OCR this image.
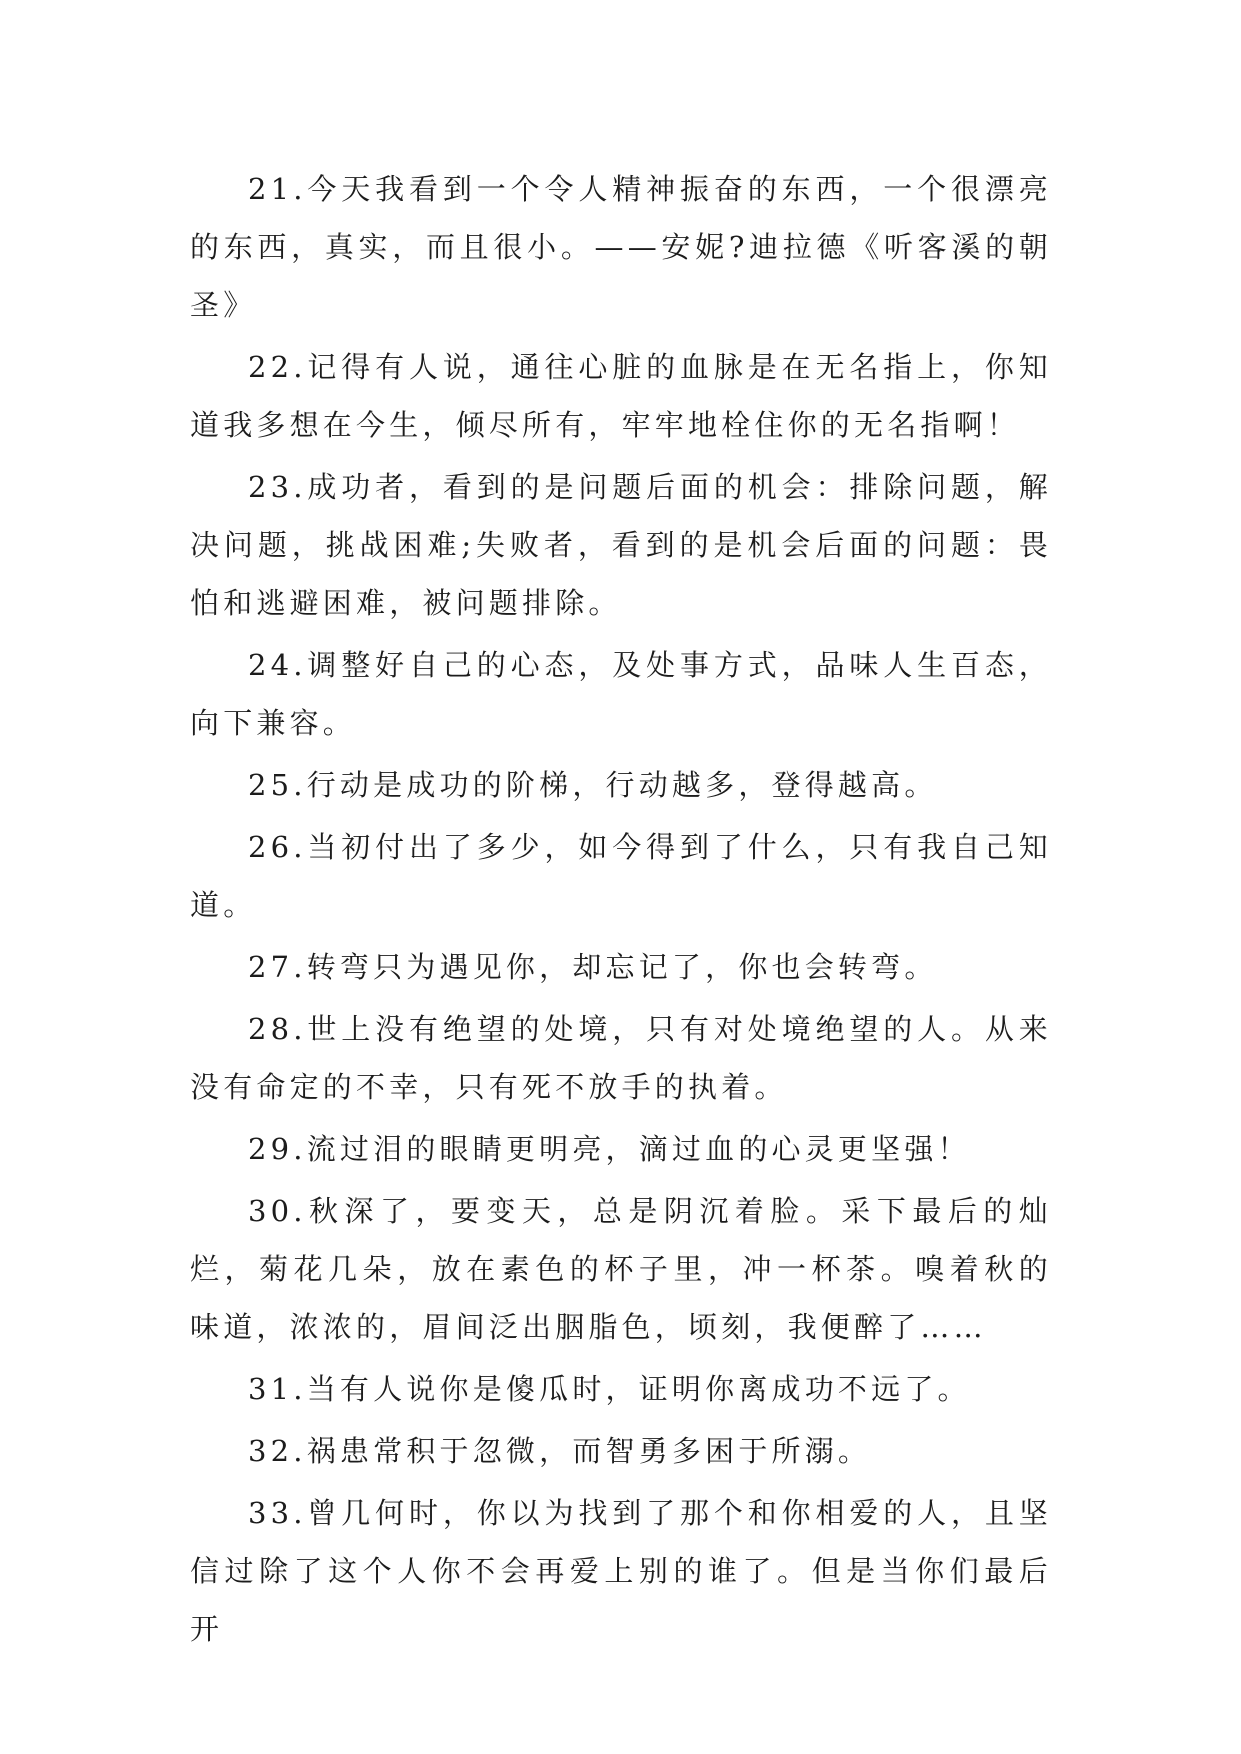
21.今天我看到一个令人精神振奋的东西，一个很漂亮的东西，真实，而且很小。——安妮?迪拉德《听客溪的朝圣》

22.记得有人说，通往心脏的血脉是在无名指上，你知道我多想在今生，倾尽所有，牢牢地栓住你的无名指啊！

23.成功者，看到的是问题后面的机会：排除问题，解决问题，挑战困难;失败者，看到的是机会后面的问题：畏怕和逃避困难，被问题排除。

24.调整好自己的心态，及处事方式，品味人生百态，向下兼容。

25.行动是成功的阶梯，行动越多，登得越高。

26.当初付出了多少，如今得到了什么，只有我自己知道。

27.转弯只为遇见你，却忘记了，你也会转弯。

28.世上没有绝望的处境，只有对处境绝望的人。从来没有命定的不幸，只有死不放手的执着。

29.流过泪的眼睛更明亮，滴过血的心灵更坚强！

30.秋深了，要变天，总是阴沉着脸。采下最后的灿烂，菊花几朵，放在素色的杯子里，冲一杯茶。嗅着秋的味道，浓浓的，眉间泛出胭脂色，顷刻，我便醉了……

31.当有人说你是傻瓜时，证明你离成功不远了。

32.祸患常积于忽微，而智勇多困于所溺。

33.曾几何时，你以为找到了那个和你相爱的人，且坚信过除了这个人你不会再爱上别的谁了。但是当你们最后开
